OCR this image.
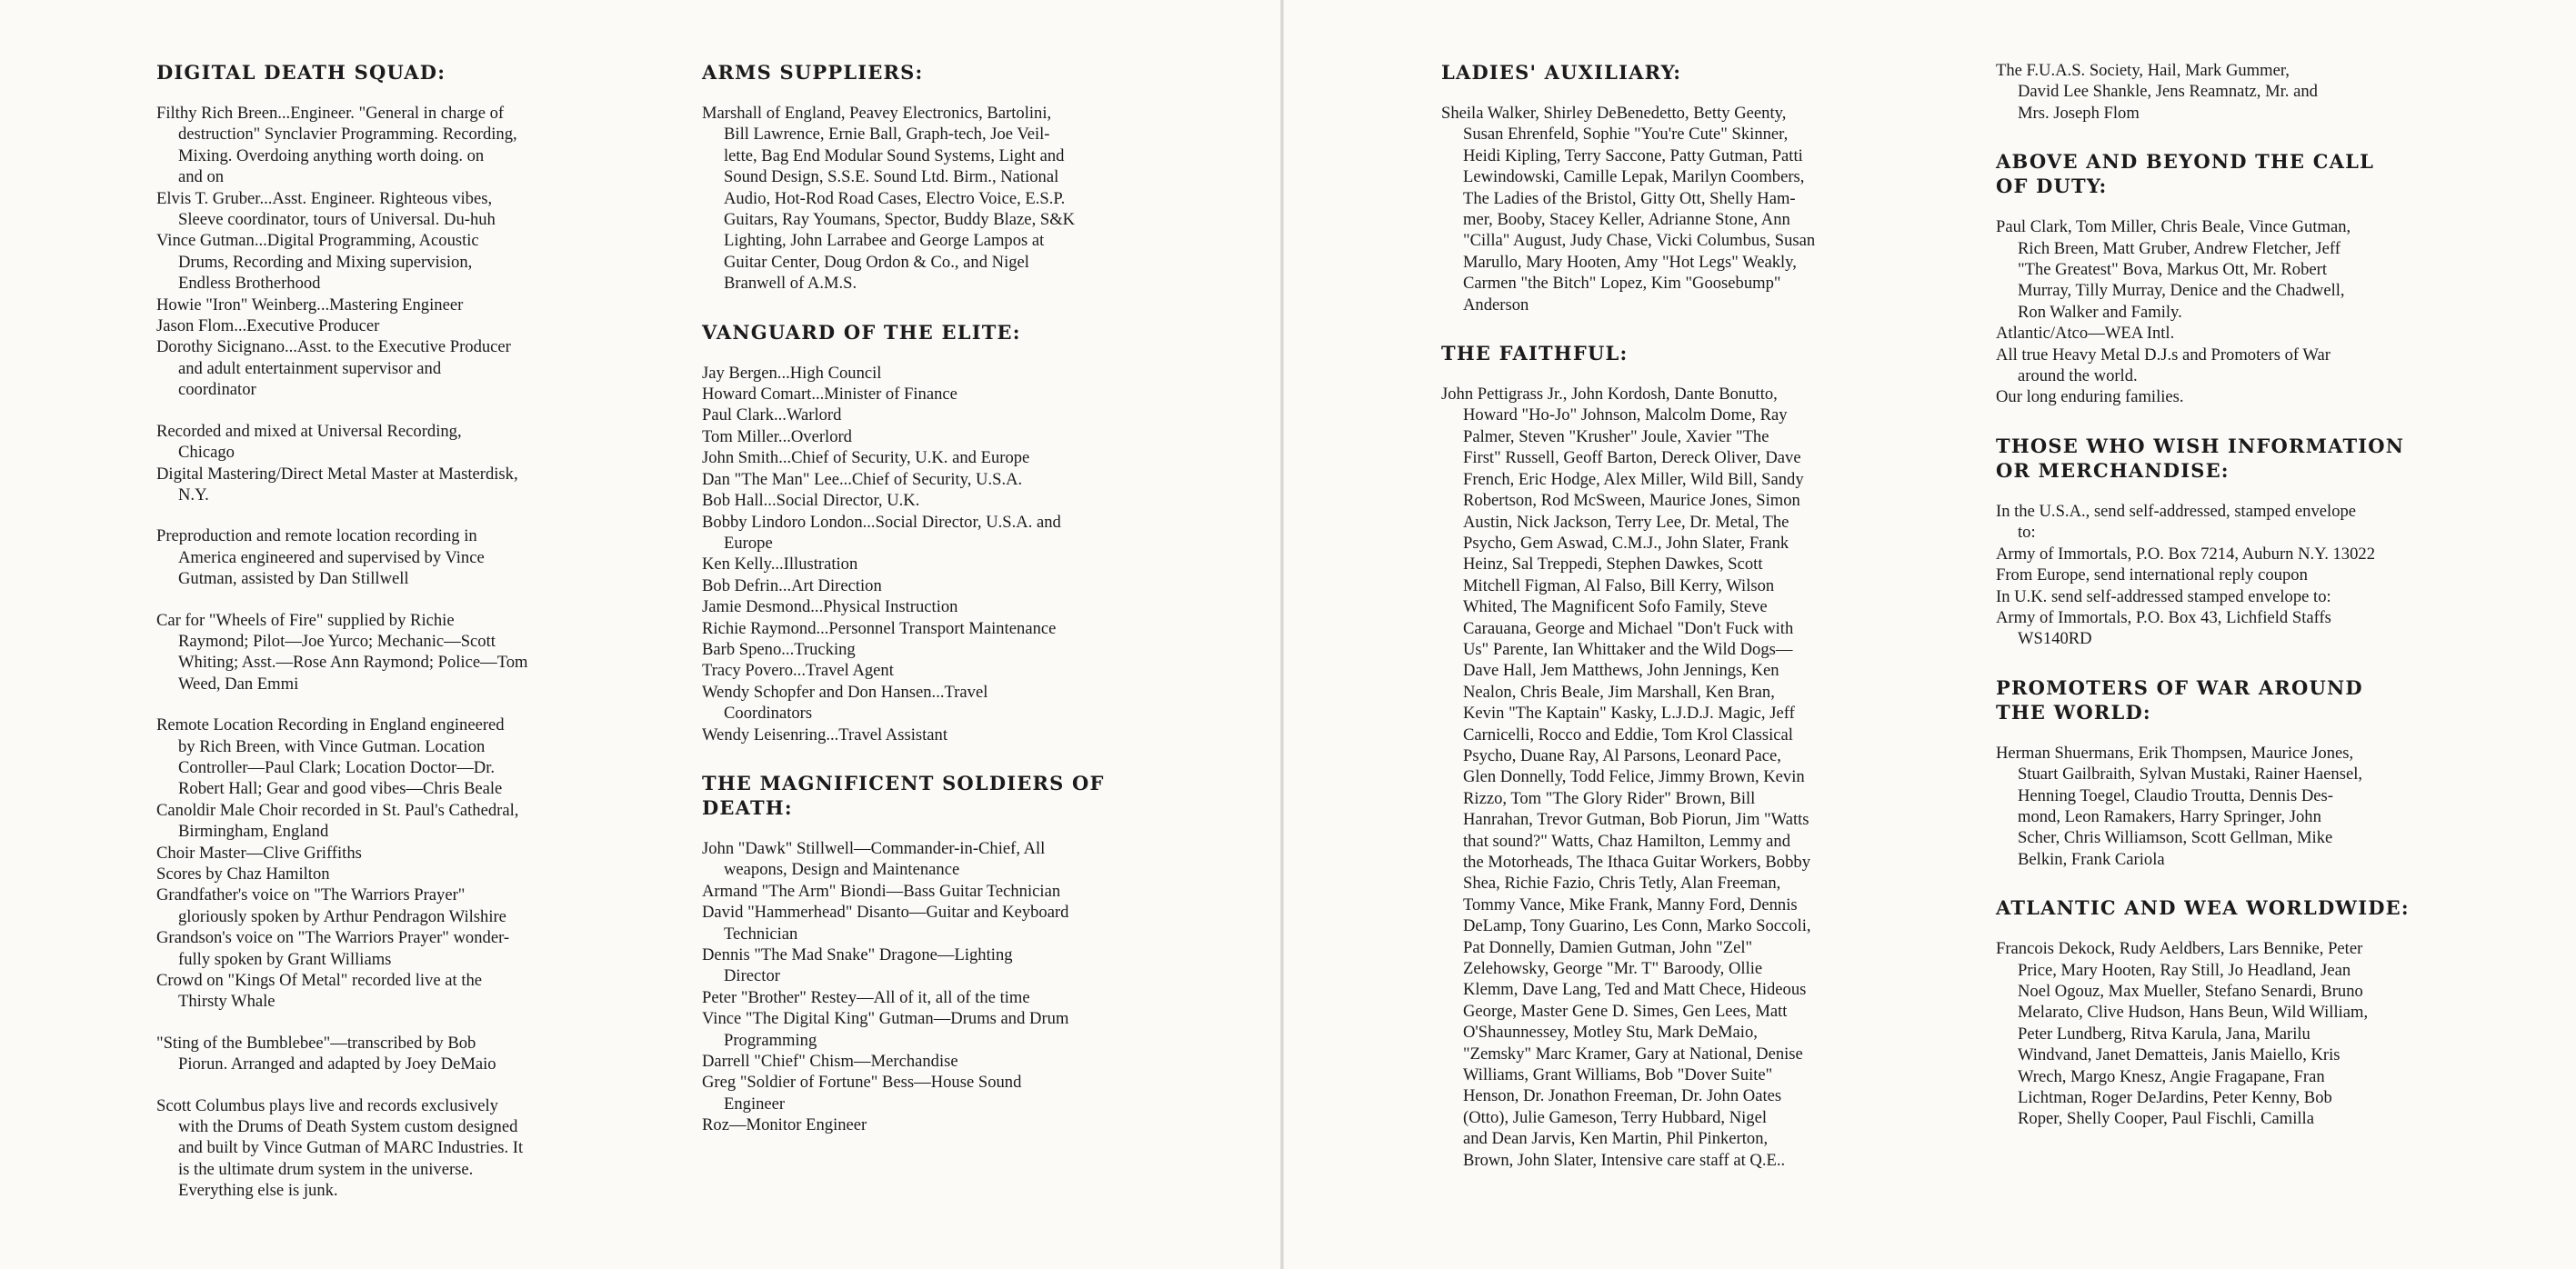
DIGITAL DEATH SQUAD:
Filthy Rich Breen...Engineer. "General in charge of
destruction" Synclavier Programming. Recording,
Mixing. Overdoing anything worth doing. on
and on
Elvis T. Gruber...Asst. Engineer. Righteous vibes,
Sleeve coordinator, tours of Universal. Du-huh
Vince Gutman...Digital Programming, Acoustic
Drums, Recording and Mixing supervision,
Endless Brotherhood
Howie "Iron" Weinberg...Mastering Engineer
Jason Flom...Executive Producer
Dorothy Sicignano...Asst. to the Executive Producer
and adult entertainment supervisor and
coordinator
Recorded and mixed at Universal Recording,
Chicago
Digital Mastering/Direct Metal Master at Masterdisk,
N.Y.
Preproduction and remote location recording in
America engineered and supervised by Vince
Gutman, assisted by Dan Stillwell
Car for "Wheels of Fire" supplied by Richie
Raymond; Pilot—Joe Yurco; Mechanic—Scott
Whiting; Asst.—Rose Ann Raymond; Police—Tom
Weed, Dan Emmi
Remote Location Recording in England engineered
by Rich Breen, with Vince Gutman. Location
Controller—Paul Clark; Location Doctor—Dr.
Robert Hall; Gear and good vibes—Chris Beale
Canoldir Male Choir recorded in St. Paul's Cathedral,
Birmingham, England
Choir Master—Clive Griffiths
Scores by Chaz Hamilton
Grandfather's voice on "The Warriors Prayer"
gloriously spoken by Arthur Pendragon Wilshire
Grandson's voice on "The Warriors Prayer" wonder-
fully spoken by Grant Williams
Crowd on "Kings Of Metal" recorded live at the
Thirsty Whale
"Sting of the Bumblebee"—transcribed by Bob
Piorun. Arranged and adapted by Joey DeMaio
Scott Columbus plays live and records exclusively
with the Drums of Death System custom designed
and built by Vince Gutman of MARC Industries. It
is the ultimate drum system in the universe.
Everything else is junk.
ARMS SUPPLIERS:
Marshall of England, Peavey Electronics, Bartolini,
Bill Lawrence, Ernie Ball, Graph-tech, Joe Veil-
lette, Bag End Modular Sound Systems, Light and
Sound Design, S.S.E. Sound Ltd. Birm., National
Audio, Hot-Rod Road Cases, Electro Voice, E.S.P.
Guitars, Ray Youmans, Spector, Buddy Blaze, S&K
Lighting, John Larrabee and George Lampos at
Guitar Center, Doug Ordon & Co., and Nigel
Branwell of A.M.S.
VANGUARD OF THE ELITE:
Jay Bergen...High Council
Howard Comart...Minister of Finance
Paul Clark...Warlord
Tom Miller...Overlord
John Smith...Chief of Security, U.K. and Europe
Dan "The Man" Lee...Chief of Security, U.S.A.
Bob Hall...Social Director, U.K.
Bobby Lindoro London...Social Director, U.S.A. and
Europe
Ken Kelly...Illustration
Bob Defrin...Art Direction
Jamie Desmond...Physical Instruction
Richie Raymond...Personnel Transport Maintenance
Barb Speno...Trucking
Tracy Povero...Travel Agent
Wendy Schopfer and Don Hansen...Travel
Coordinators
Wendy Leisenring...Travel Assistant
THE MAGNIFICENT SOLDIERS OF DEATH:
John "Dawk" Stillwell—Commander-in-Chief, All
weapons, Design and Maintenance
Armand "The Arm" Biondi—Bass Guitar Technician
David "Hammerhead" Disanto—Guitar and Keyboard
Technician
Dennis "The Mad Snake" Dragone—Lighting
Director
Peter "Brother" Restey—All of it, all of the time
Vince "The Digital King" Gutman—Drums and Drum
Programming
Darrell "Chief" Chism—Merchandise
Greg "Soldier of Fortune" Bess—House Sound
Engineer
Roz—Monitor Engineer
LADIES' AUXILIARY:
Sheila Walker, Shirley DeBenedetto, Betty Geenty,
Susan Ehrenfeld, Sophie "You're Cute" Skinner,
Heidi Kipling, Terry Saccone, Patty Gutman, Patti
Lewindowski, Camille Lepak, Marilyn Coombers,
The Ladies of the Bristol, Gitty Ott, Shelly Ham-
mer, Booby, Stacey Keller, Adrianne Stone, Ann
"Cilla" August, Judy Chase, Vicki Columbus, Susan
Marullo, Mary Hooten, Amy "Hot Legs" Weakly,
Carmen "the Bitch" Lopez, Kim "Goosebump"
Anderson
THE FAITHFUL:
John Pettigrass Jr., John Kordosh, Dante Bonutto,
Howard "Ho-Jo" Johnson, Malcolm Dome, Ray
Palmer, Steven "Krusher" Joule, Xavier "The
First" Russell, Geoff Barton, Dereck Oliver, Dave
French, Eric Hodge, Alex Miller, Wild Bill, Sandy
Robertson, Rod McSween, Maurice Jones, Simon
Austin, Nick Jackson, Terry Lee, Dr. Metal, The
Psycho, Gem Aswad, C.M.J., John Slater, Frank
Heinz, Sal Treppedi, Stephen Dawkes, Scott
Mitchell Figman, Al Falso, Bill Kerry, Wilson
Whited, The Magnificent Sofo Family, Steve
Carauana, George and Michael "Don't Fuck with
Us" Parente, Ian Whittaker and the Wild Dogs—
Dave Hall, Jem Matthews, John Jennings, Ken
Nealon, Chris Beale, Jim Marshall, Ken Bran,
Kevin "The Kaptain" Kasky, L.J.D.J. Magic, Jeff
Carnicelli, Rocco and Eddie, Tom Krol Classical
Psycho, Duane Ray, Al Parsons, Leonard Pace,
Glen Donnelly, Todd Felice, Jimmy Brown, Kevin
Rizzo, Tom "The Glory Rider" Brown, Bill
Hanrahan, Trevor Gutman, Bob Piorun, Jim "Watts
that sound?" Watts, Chaz Hamilton, Lemmy and
the Motorheads, The Ithaca Guitar Workers, Bobby
Shea, Richie Fazio, Chris Tetly, Alan Freeman,
Tommy Vance, Mike Frank, Manny Ford, Dennis
DeLamp, Tony Guarino, Les Conn, Marko Soccoli,
Pat Donnelly, Damien Gutman, John "Zel"
Zelehowsky, George "Mr. T" Baroody, Ollie
Klemm, Dave Lang, Ted and Matt Chece, Hideous
George, Master Gene D. Simes, Gen Lees, Matt
O'Shaunnessey, Motley Stu, Mark DeMaio,
"Zemsky" Marc Kramer, Gary at National, Denise
Williams, Grant Williams, Bob "Dover Suite"
Henson, Dr. Jonathon Freeman, Dr. John Oates
(Otto), Julie Gameson, Terry Hubbard, Nigel
and Dean Jarvis, Ken Martin, Phil Pinkerton,
Brown, John Slater, Intensive care staff at Q.E..
The F.U.A.S. Society, Hail, Mark Gummer,
David Lee Shankle, Jens Reamnatz, Mr. and
Mrs. Joseph Flom
ABOVE AND BEYOND THE CALL OF DUTY:
Paul Clark, Tom Miller, Chris Beale, Vince Gutman,
Rich Breen, Matt Gruber, Andrew Fletcher, Jeff
"The Greatest" Bova, Markus Ott, Mr. Robert
Murray, Tilly Murray, Denice and the Chadwell,
Ron Walker and Family.
Atlantic/Atco—WEA Intl.
All true Heavy Metal D.J.s and Promoters of War
around the world.
Our long enduring families.
THOSE WHO WISH INFORMATION OR MERCHANDISE:
In the U.S.A., send self-addressed, stamped envelope
to:
Army of Immortals, P.O. Box 7214, Auburn N.Y. 13022
From Europe, send international reply coupon
In U.K. send self-addressed stamped envelope to:
Army of Immortals, P.O. Box 43, Lichfield Staffs
WS140RD
PROMOTERS OF WAR AROUND THE WORLD:
Herman Shuermans, Erik Thompsen, Maurice Jones,
Stuart Gailbraith, Sylvan Mustaki, Rainer Haensel,
Henning Toegel, Claudio Troutta, Dennis Des-
mond, Leon Ramakers, Harry Springer, John
Scher, Chris Williamson, Scott Gellman, Mike
Belkin, Frank Cariola
ATLANTIC AND WEA WORLDWIDE:
Francois Dekock, Rudy Aeldbers, Lars Bennike, Peter
Price, Mary Hooten, Ray Still, Jo Headland, Jean
Noel Ogouz, Max Mueller, Stefano Senardi, Bruno
Melarato, Clive Hudson, Hans Beun, Wild William,
Peter Lundberg, Ritva Karula, Jana, Marilu
Windvand, Janet Dematteis, Janis Maiello, Kris
Wrech, Margo Knesz, Angie Fragapane, Fran
Lichtman, Roger DeJardins, Peter Kenny, Bob
Roper, Shelly Cooper, Paul Fischli, Camilla
